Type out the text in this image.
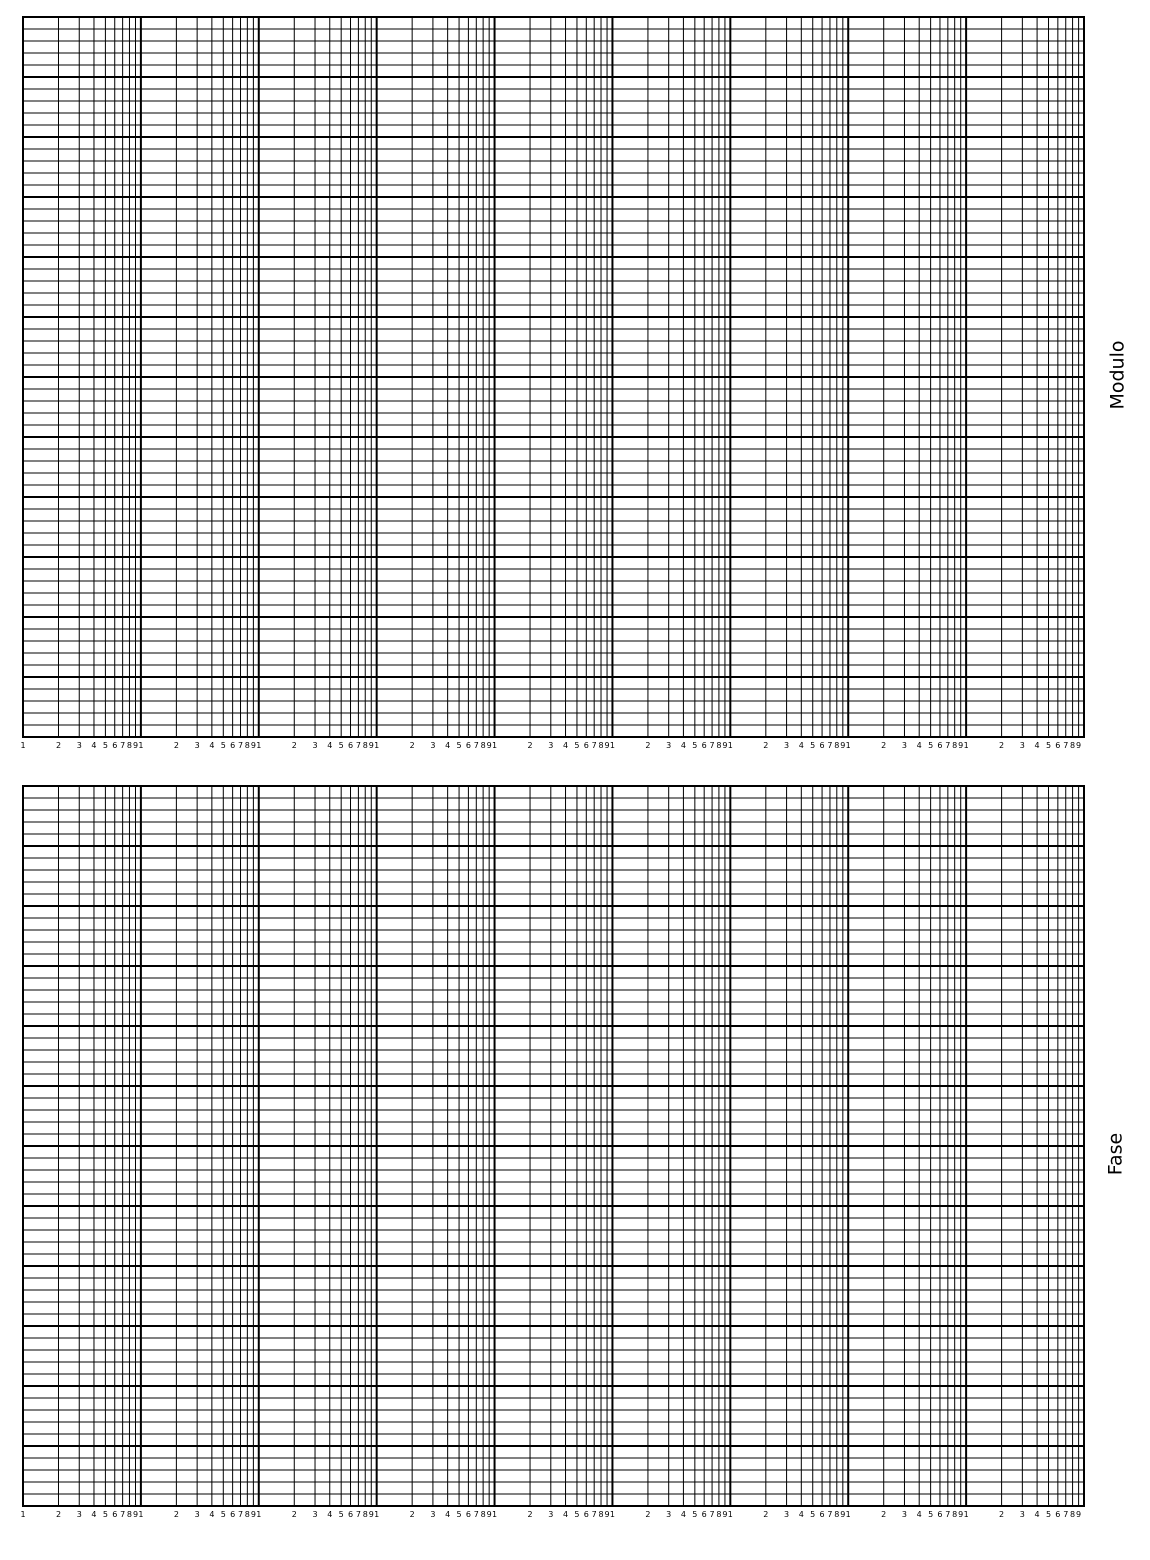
1	2 3 4 5 6 7 8 9 1	2 3 4 5 6 7 8 9 1	2 3 4 5 6 7 8 9 1	2 3 4 5 6 7 8 9 1	2 3 4 5 6 7 8 9 1	2 3 4 5 6 7 8 9 1	2 3 4 5 6 7 8 9 1	2 3 4 5 6 7 8 9 1	2 3 4 5 6 7 8 9
Modulo
1	2 3 4 5 6 7 8 9 1	2 3 4 5 6 7 8 9 1	2 3 4 5 6 7 8 9 1	2 3 4 5 6 7 8 9 1	2 3 4 5 6 7 8 9 1	2 3 4 5 6 7 8 9 1	2 3 4 5 6 7 8 9 1	2 3 4 5 6 7 8 9 1	2 3 4 5 6 7 8 9
Fase
